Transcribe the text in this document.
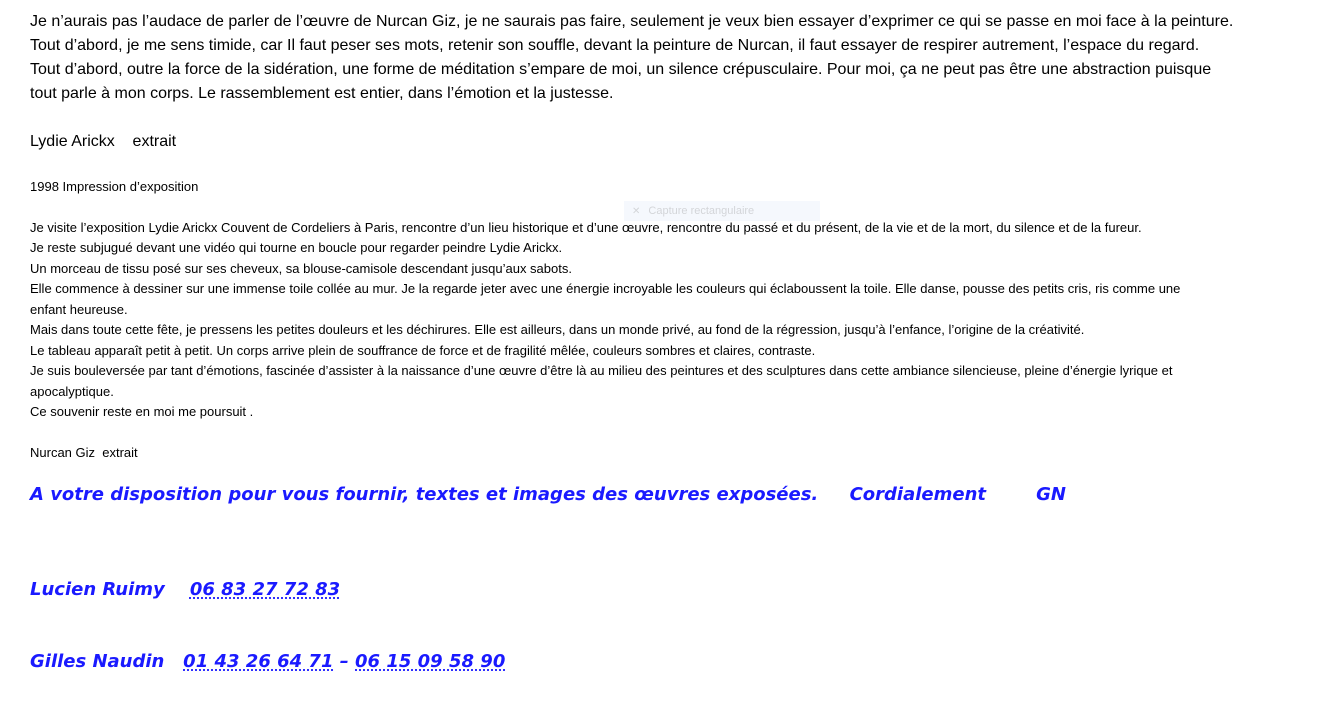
Je n’aurais pas l’audace de parler de l’œuvre de Nurcan Giz, je ne saurais pas faire, seulement je veux bien essayer d’exprimer ce qui se passe en moi face à la peinture.

Tout d’abord, je me sens timide, car Il faut peser ses mots, retenir son souffle, devant la peinture de Nurcan, il faut essayer de respirer autrement, l’espace du regard.

Tout d’abord, outre la force de la sidération, une forme de méditation s’empare de moi, un silence crépusculaire. Pour moi, ça ne peut pas être une abstraction puisque

tout parle à mon corps. Le rassemblement est entier, dans l’émotion et la justesse.

Lydie Arickx    extrait
1998 Impression d’exposition

Je visite l’exposition Lydie Arickx Couvent de Cordeliers à Paris, rencontre d’un lieu historique et d’une œuvre, rencontre du passé et du présent, de la vie et de la mort, du silence et de la fureur.

Je reste subjugué devant une vidéo qui tourne en boucle pour regarder peindre Lydie Arickx.

Un morceau de tissu posé sur ses cheveux, sa blouse-camisole descendant jusqu’aux sabots.

Elle commence à dessiner sur une immense toile collée au mur. Je la regarde jeter avec une énergie incroyable les couleurs qui éclaboussent la toile. Elle danse, pousse des petits cris, ris comme une

enfant heureuse.

Mais dans toute cette fête, je pressens les petites douleurs et les déchirures. Elle est ailleurs, dans un monde privé, au fond de la régression, jusqu’à l’enfance, l’origine de la créativité.

Le tableau apparaît petit à petit. Un corps arrive plein de souffrance de force et de fragilité mêlée, couleurs sombres et claires, contraste.

Je suis bouleversée par tant d’émotions, fascinée d’assister à la naissance d’une œuvre d’être là au milieu des peintures et des sculptures dans cette ambiance silencieuse, pleine d’énergie lyrique et

apocalyptique.

Ce souvenir reste en moi me poursuit .

Nurcan Giz  extrait
A votre disposition pour vous fournir, textes et images des œuvres exposées.     Cordialement        GN

Lucien Ruimy    06 83 27 72 83

Gilles Naudin   01 43 26 64 71 – 06 15 09 58 90

✕ Capture rectangulaire
